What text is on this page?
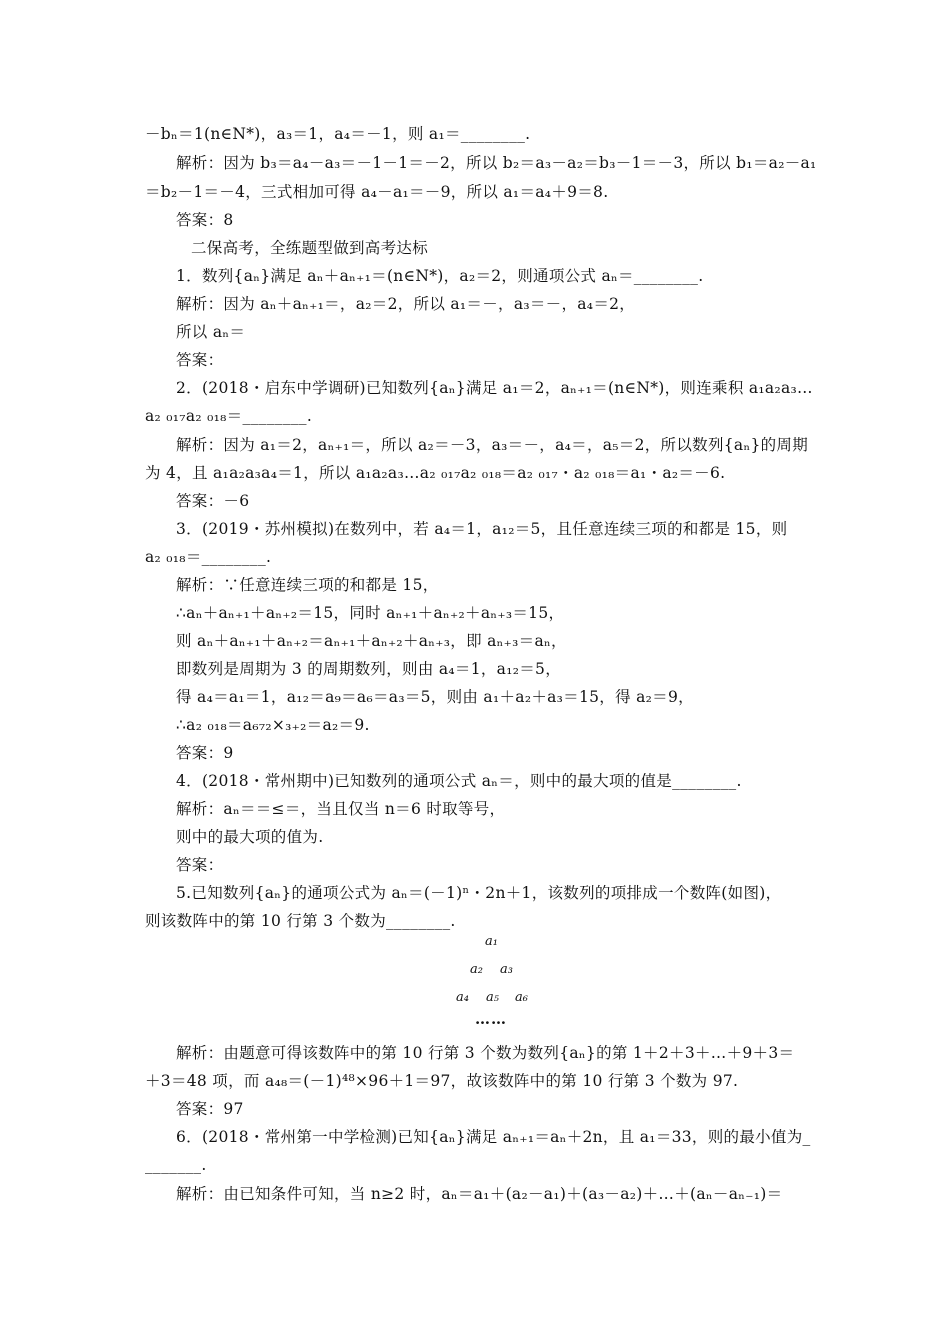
－bₙ＝1(n∈N*)，a₃＝1，a₄＝－1，则 a₁＝________.
解析：因为 b₃＝a₄－a₃＝－1－1＝－2，所以 b₂＝a₃－a₂＝b₃－1＝－3，所以 b₁＝a₂－a₁
＝b₂－1＝－4，三式相加可得 a₄－a₁＝－9，所以 a₁＝a₄＋9＝8.
答案：8
二保高考，全练题型做到高考达标
1．数列{aₙ}满足 aₙ＋aₙ₊₁＝(n∈N*)，a₂＝2，则通项公式 aₙ＝________.
解析：因为 aₙ＋aₙ₊₁＝，a₂＝2，所以 a₁＝－，a₃＝－，a₄＝2，
所以 aₙ＝
答案：
2．(2018・启东中学调研)已知数列{aₙ}满足 a₁＝2，aₙ₊₁＝(n∈N*)，则连乘积 a₁a₂a₃…
a₂ ₀₁₇a₂ ₀₁₈＝________.
解析：因为 a₁＝2，aₙ₊₁＝，所以 a₂＝－3，a₃＝－，a₄＝，a₅＝2，所以数列{aₙ}的周期
为 4，且 a₁a₂a₃a₄＝1，所以 a₁a₂a₃…a₂ ₀₁₇a₂ ₀₁₈＝a₂ ₀₁₇・a₂ ₀₁₈＝a₁・a₂＝－6.
答案：－6
3．(2019・苏州模拟)在数列中，若 a₄＝1，a₁₂＝5，且任意连续三项的和都是 15，则
a₂ ₀₁₈＝________.
解析：∵任意连续三项的和都是 15，
∴aₙ＋aₙ₊₁＋aₙ₊₂＝15，同时 aₙ₊₁＋aₙ₊₂＋aₙ₊₃＝15，
则 aₙ＋aₙ₊₁＋aₙ₊₂＝aₙ₊₁＋aₙ₊₂＋aₙ₊₃，即 aₙ₊₃＝aₙ，
即数列是周期为 3 的周期数列，则由 a₄＝1，a₁₂＝5，
得 a₄＝a₁＝1，a₁₂＝a₉＝a₆＝a₃＝5，则由 a₁＋a₂＋a₃＝15，得 a₂＝9，
∴a₂ ₀₁₈＝a₆₇₂×₃₊₂＝a₂＝9.
答案：9
4．(2018・常州期中)已知数列的通项公式 aₙ＝，则中的最大项的值是________.
解析：aₙ＝＝≤＝，当且仅当 n＝6 时取等号，
则中的最大项的值为.
答案：
5.已知数列{aₙ}的通项公式为 aₙ＝(－1)ⁿ・2n＋1，该数列的项排成一个数阵(如图)，
则该数阵中的第 10 行第 3 个数为________.
a₁
a₂ a₃
a₄ a₅ a₆
……
解析：由题意可得该数阵中的第 10 行第 3 个数为数列{aₙ}的第 1＋2＋3＋…＋9＋3＝
＋3＝48 项，而 a₄₈＝(－1)⁴⁸×96＋1＝97，故该数阵中的第 10 行第 3 个数为 97.
答案：97
6．(2018・常州第一中学检测)已知{aₙ}满足 aₙ₊₁＝aₙ＋2n，且 a₁＝33，则的最小值为_
_______.
解析：由已知条件可知，当 n≥2 时，aₙ＝a₁＋(a₂－a₁)＋(a₃－a₂)＋…＋(aₙ－aₙ₋₁)＝
